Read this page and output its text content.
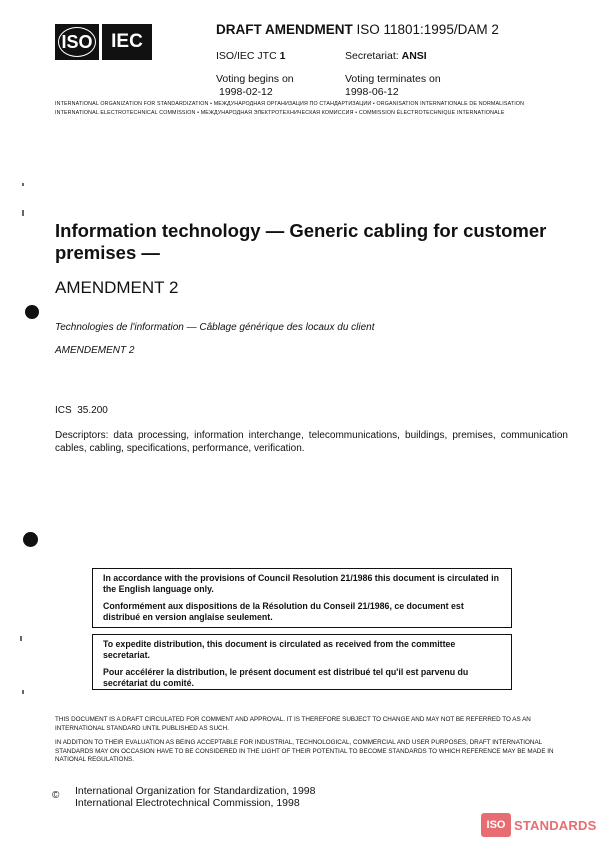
ISO IEC
DRAFT AMENDMENT ISO 11801:1995/DAM 2
ISO/IEC JTC 1	Secretariat: ANSI
Voting begins on
1998-02-12
Voting terminates on
1998-06-12
INTERNATIONAL ORGANIZATION FOR STANDARDIZATION • МЕЖДУНАРОДНАЯ ОРГАНИЗАЦИЯ ПО СТАНДАРТИЗАЦИИ • ORGANISATION INTERNATIONALE DE NORMALISATION
INTERNATIONAL ELECTROTECHNICAL COMMISSION • МЕЖДУНАРОДНАЯ ЭЛЕКТРОТЕХНИЧЕСКАЯ КОМИССИЯ • COMMISSION ÉLECTROTECHNIQUE INTERNATIONALE
Information technology — Generic cabling for customer premises —
AMENDMENT 2
Technologies de l'information — Câblage générique des locaux du client
AMENDEMENT 2
ICS 35.200
Descriptors: data processing, information interchange, telecommunications, buildings, premises, communication cables, cabling, specifications, performance, verification.

In accordance with the provisions of Council Resolution 21/1986 this document is circulated in the English language only.

Conformément aux dispositions de la Résolution du Conseil 21/1986, ce document est distribué en version anglaise seulement.

To expedite distribution, this document is circulated as received from the committee secretariat.

Pour accélérer la distribution, le présent document est distribué tel qu'il est parvenu du secrétariat du comité.

THIS DOCUMENT IS A DRAFT CIRCULATED FOR COMMENT AND APPROVAL. IT IS THEREFORE SUBJECT TO CHANGE AND MAY NOT BE REFERRED TO AS AN INTERNATIONAL STANDARD UNTIL PUBLISHED AS SUCH.
IN ADDITION TO THEIR EVALUATION AS BEING ACCEPTABLE FOR INDUSTRIAL, TECHNOLOGICAL, COMMERCIAL AND USER PURPOSES, DRAFT INTERNATIONAL STANDARDS MAY ON OCCASION HAVE TO BE CONSIDERED IN THE LIGHT OF THEIR POTENTIAL TO BECOME STANDARDS TO WHICH REFERENCE MAY BE MADE IN NATIONAL REGULATIONS.
© International Organization for Standardization, 1998
International Electrotechnical Commission, 1998
ISO STANDARDS
